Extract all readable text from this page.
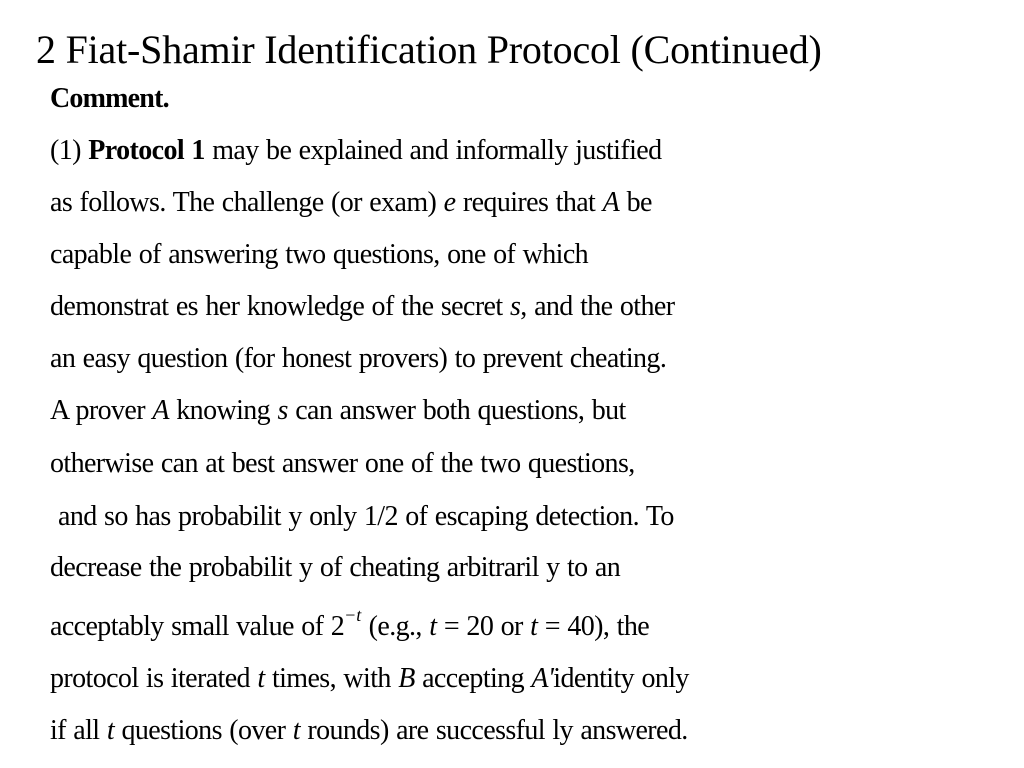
2 Fiat-Shamir Identification Protocol (Continued)
Comment.
(1) Protocol 1 may be explained and informally justified
as follows. The challenge (or exam) e requires that A be
capable of answering two questions, one of which
demonstrat es her knowledge of the secret s, and the other
an easy question (for honest provers) to prevent cheating.
A prover A knowing s can answer both questions, but
otherwise can at best answer one of the two questions,
and so has probabilit y only 1/2 of escaping detection. To
decrease the probabilit y of cheating arbitraril y to an
acceptably small value of $2^{-t}$ (e.g., t = 20 or t = 40), the
protocol is iterated t times, with B accepting A'identity only
if all t questions (over t rounds) are successful ly answered.
